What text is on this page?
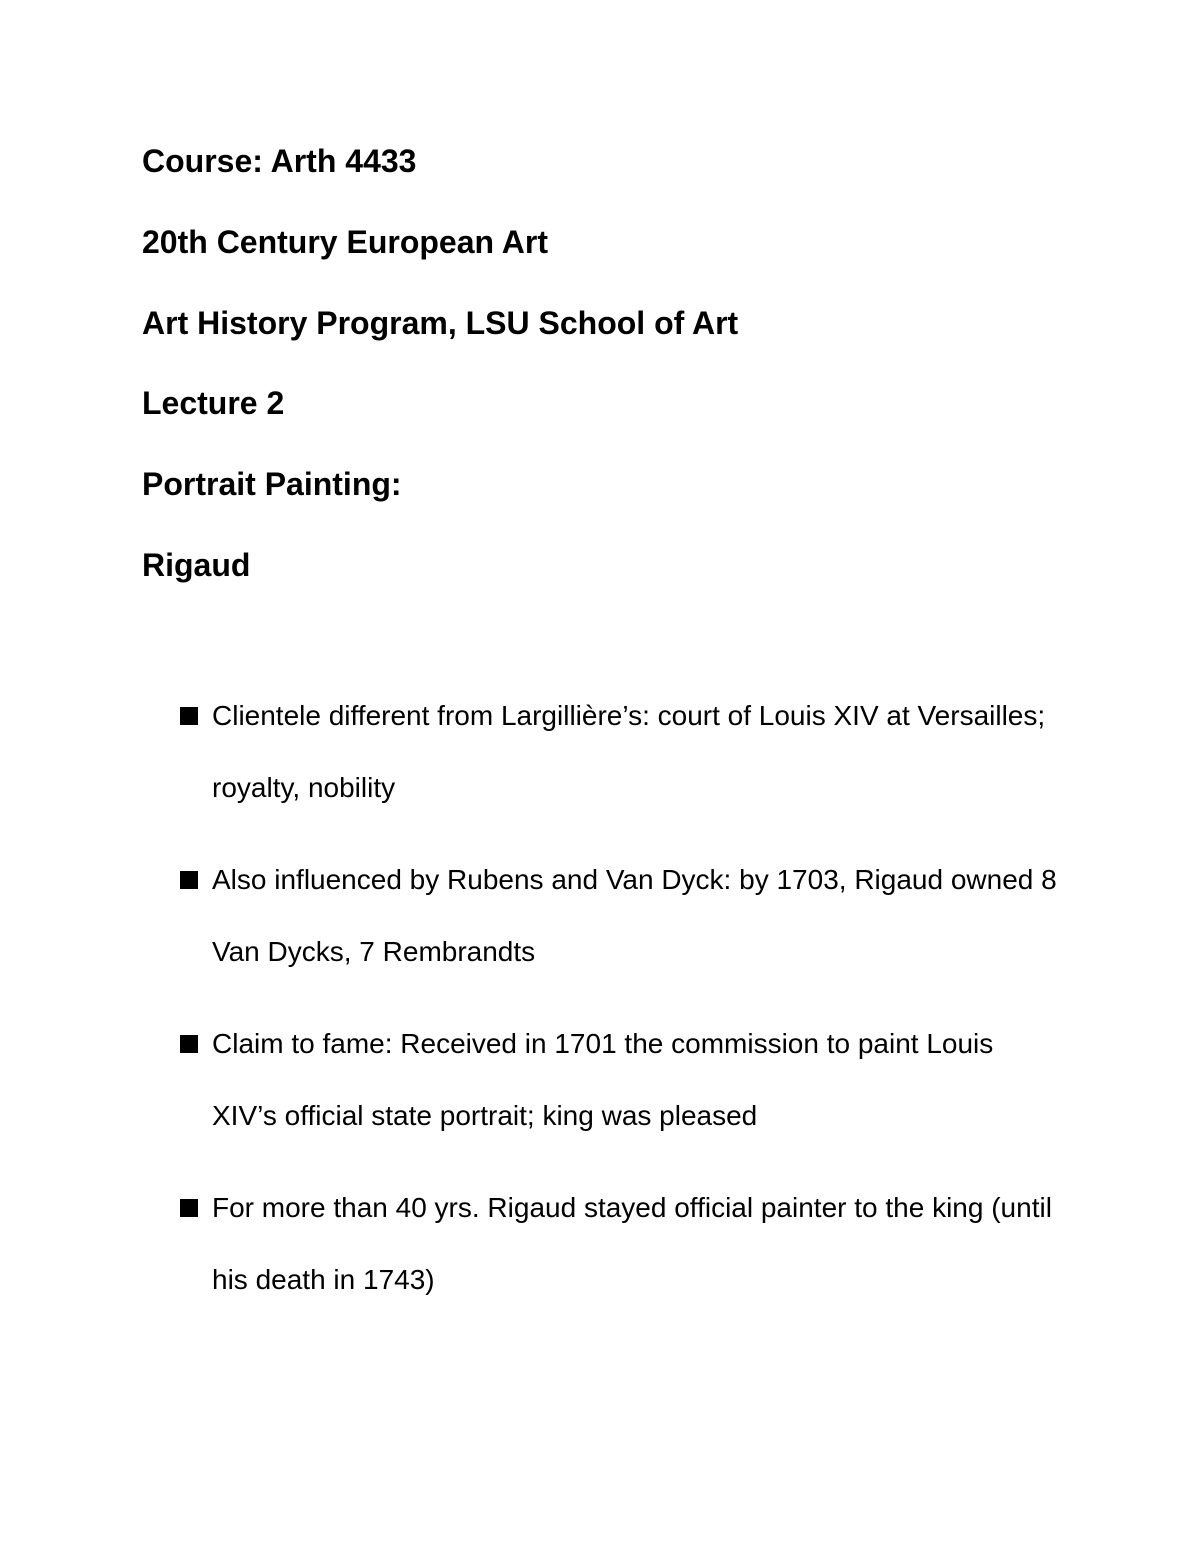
Course: Arth 4433
20th Century European Art
Art History Program, LSU School of Art
Lecture 2
Portrait Painting:
Rigaud

Clientele different from Largillière’s: court of Louis XIV at Versailles; royalty, nobility

Also influenced by Rubens and Van Dyck: by 1703, Rigaud owned 8 Van Dycks, 7 Rembrandts

Claim to fame: Received in 1701 the commission to paint Louis XIV’s official state portrait; king was pleased

For more than 40 yrs. Rigaud stayed official painter to the king (until his death in 1743)
